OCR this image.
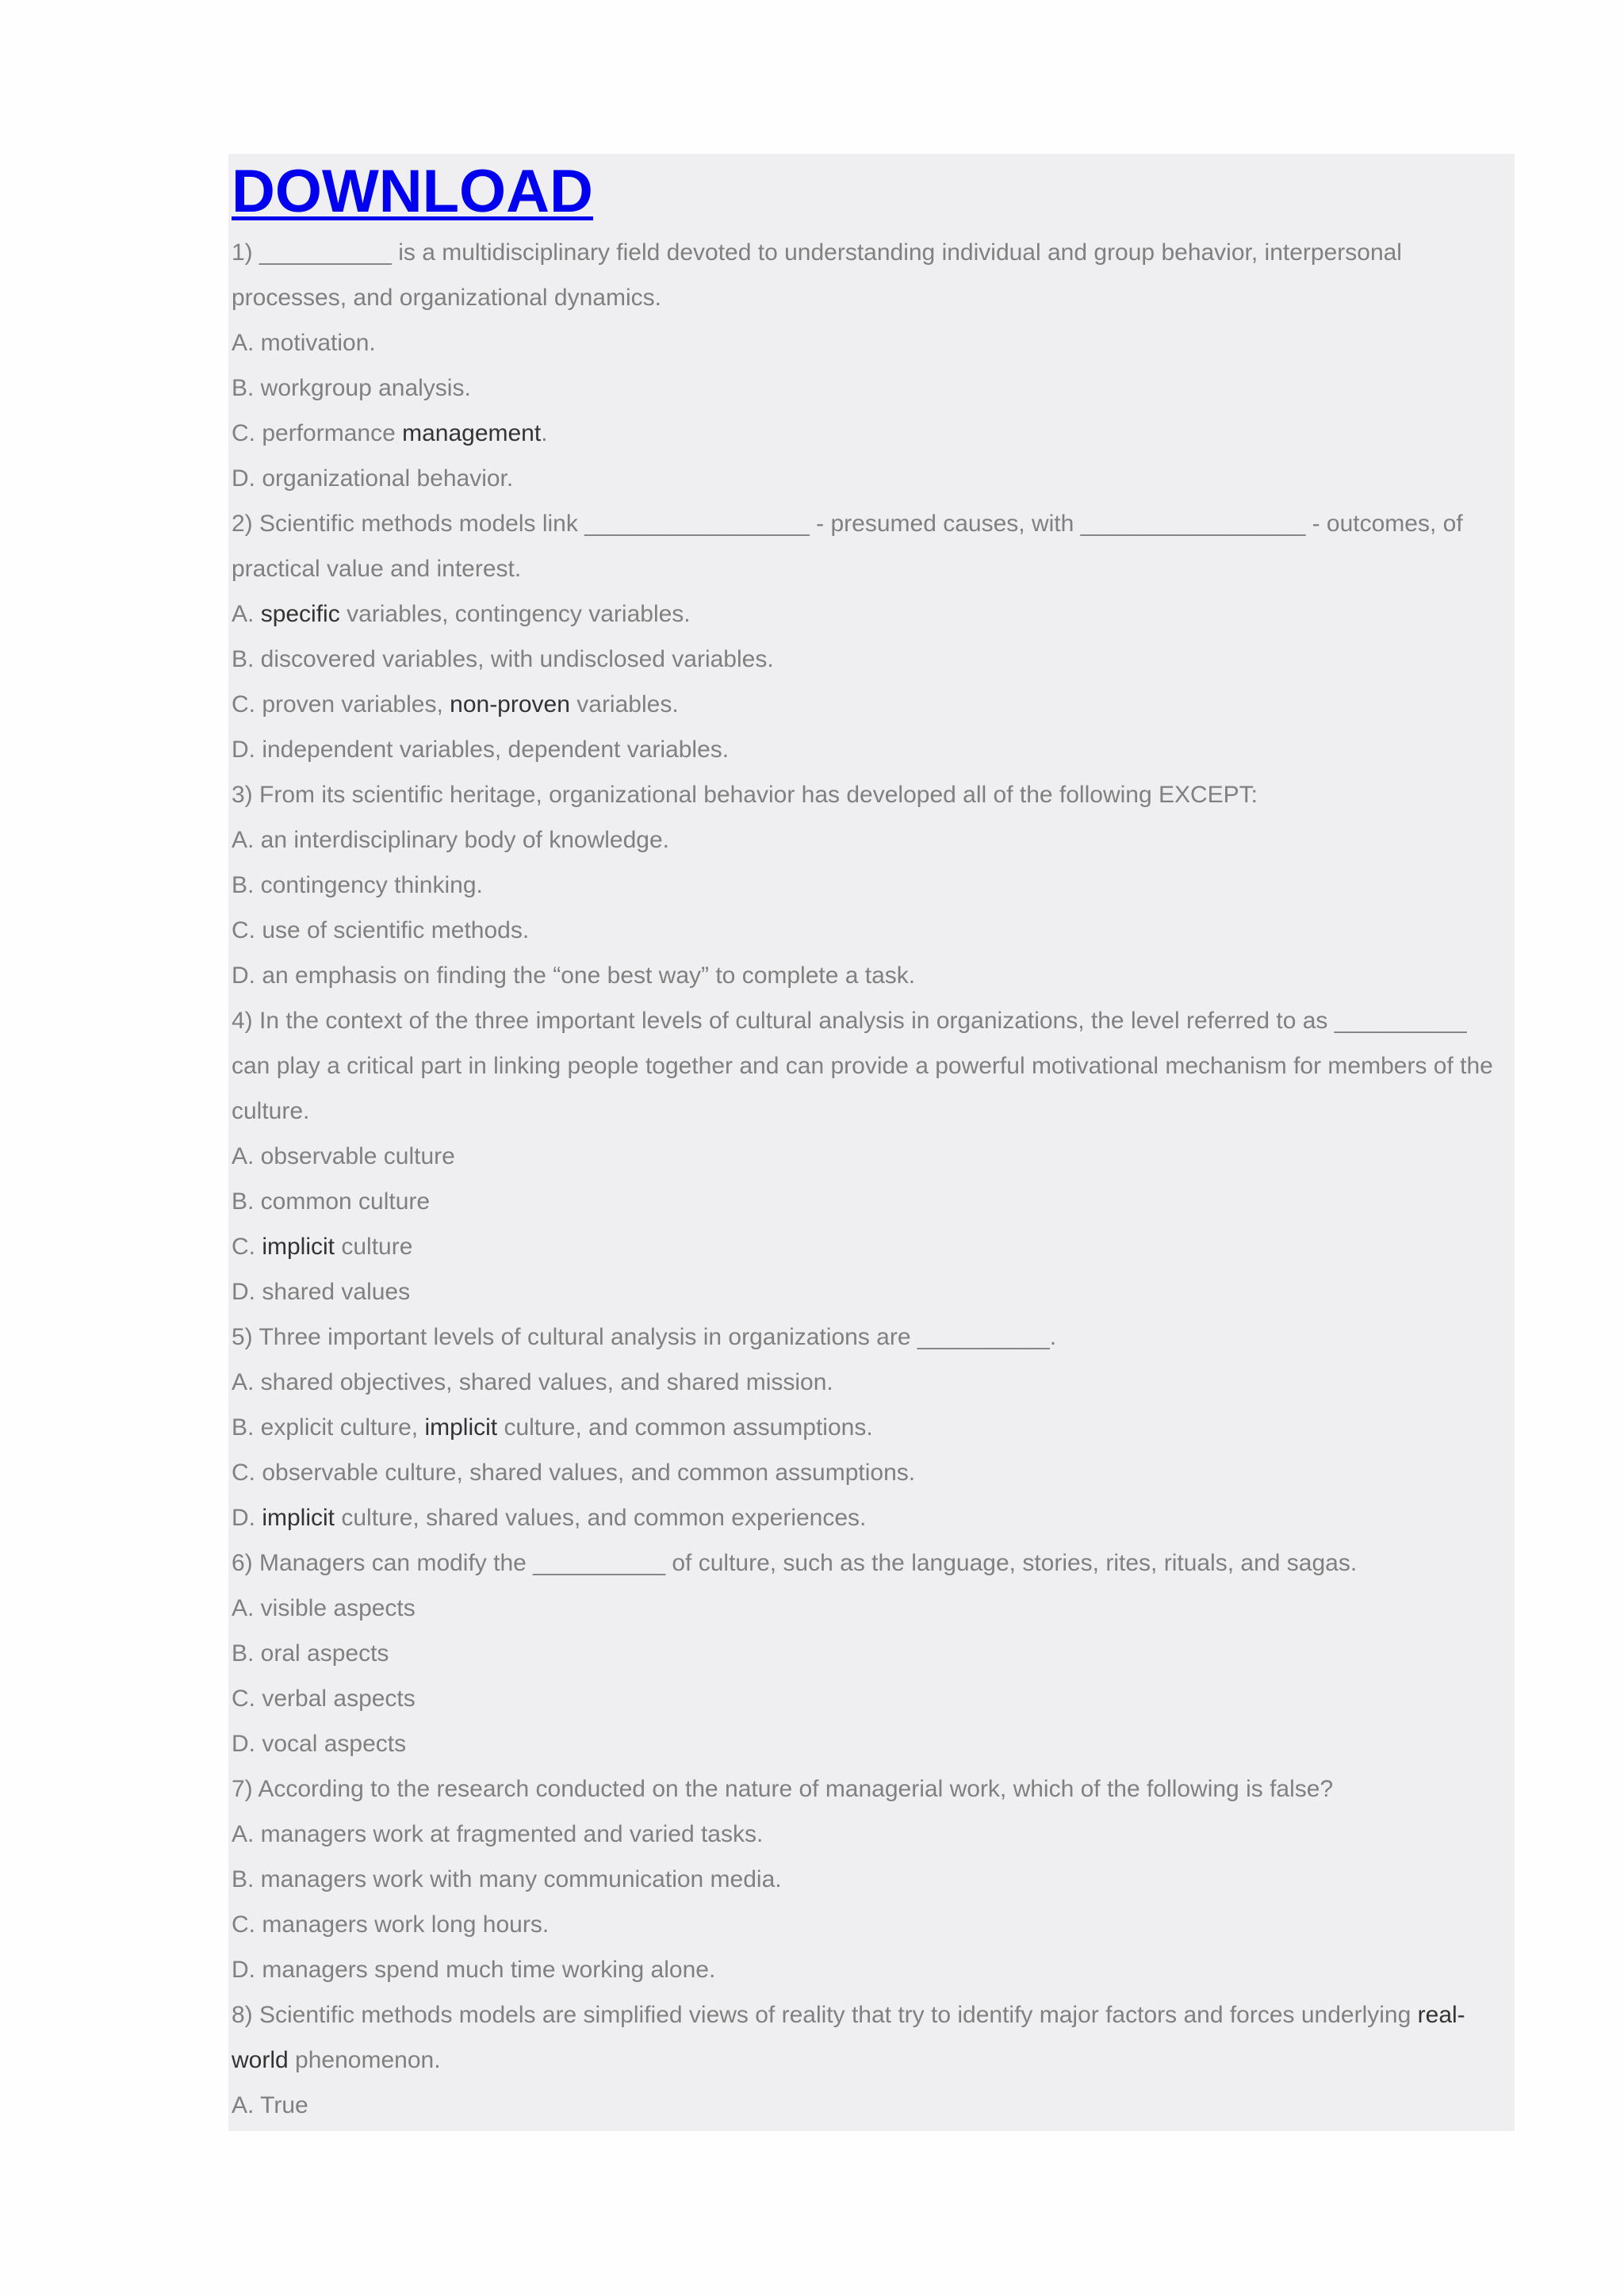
DOWNLOAD
1) __________ is a multidisciplinary field devoted to understanding individual and group behavior, interpersonal processes, and organizational dynamics.
A. motivation.
B. workgroup analysis.
C. performance management.
D. organizational behavior.
2) Scientific methods models link _________________ - presumed causes, with _________________ - outcomes, of practical value and interest.
A. specific variables, contingency variables.
B. discovered variables, with undisclosed variables.
C. proven variables, non-proven variables.
D. independent variables, dependent variables.
3) From its scientific heritage, organizational behavior has developed all of the following EXCEPT:
A. an interdisciplinary body of knowledge.
B. contingency thinking.
C. use of scientific methods.
D. an emphasis on finding the “one best way” to complete a task.
4) In the context of the three important levels of cultural analysis in organizations, the level referred to as __________ can play a critical part in linking people together and can provide a powerful motivational mechanism for members of the culture.
A. observable culture
B. common culture
C. implicit culture
D. shared values
5) Three important levels of cultural analysis in organizations are __________.
A. shared objectives, shared values, and shared mission.
B. explicit culture, implicit culture, and common assumptions.
C. observable culture, shared values, and common assumptions.
D. implicit culture, shared values, and common experiences.
6) Managers can modify the __________ of culture, such as the language, stories, rites, rituals, and sagas.
A. visible aspects
B. oral aspects
C. verbal aspects
D. vocal aspects
7) According to the research conducted on the nature of managerial work, which of the following is false?
A. managers work at fragmented and varied tasks.
B. managers work with many communication media.
C. managers work long hours.
D. managers spend much time working alone.
8) Scientific methods models are simplified views of reality that try to identify major factors and forces underlying real-world phenomenon.
A. True
